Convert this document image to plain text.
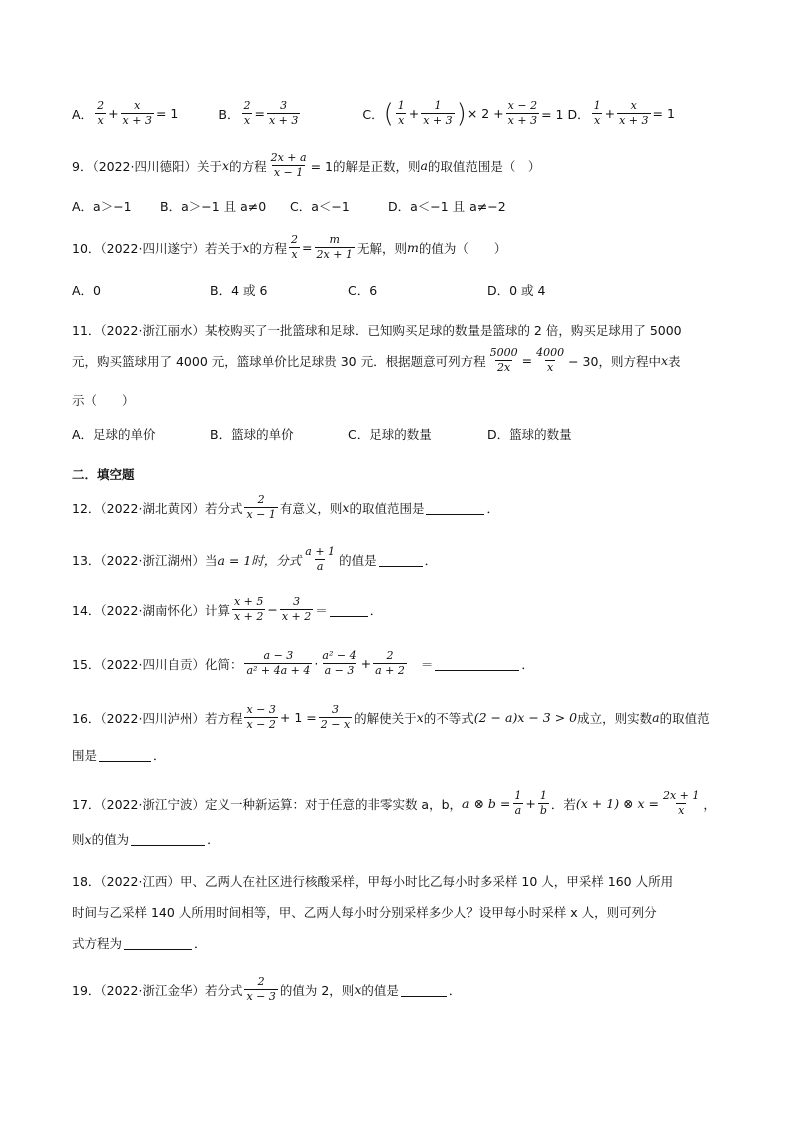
A． $\frac{2}{x} + \frac{x}{x + 3} = 1$	B． $\frac{2}{x} = \frac{3}{x + 3}$	C． ( $\frac{1}{x} + \frac{1}{x + 3}$ ) × $2 + \frac{x - 2}{x + 3} = 1$ D． $\frac{1}{x} + \frac{x}{x + 3} = 1$
9．（2022·四川德阳）关于 x 的方程 $\frac{2x + a}{x - 1} = 1$的解是正数，则 a 的取值范围是（　）
A．a＞−1 B．a＞−1 且 a≠0 C．a＜−1	D．a＜−1 且 a≠−2
10．（2022·四川遂宁）若关于 x 的方程 $\frac{2}{x} = \frac{m}{2x + 1}$ 无解，则 m 的值为（　　）
A．0	B．4 或 6	C．6	D．0 或 4
11．（2022·浙江丽水）某校购买了一批篮球和足球．已知购买足球的数量是篮球的 2 倍，购买足球用了 5000
元，购买篮球用了 4000 元，篮球单价比足球贵 30 元．根据题意可列方程 $\frac{5000}{2x} = \frac{4000}{x} - 30$，则方程中 x 表
示（　　）
A．足球的单价	B．篮球的单价	C．足球的数量	D．篮球的数量
二．填空题
12．（2022·湖北黄冈）若分式 $\frac{2}{x - 1}$ 有意义，则 x 的取值范围是	．
13．（2022·浙江湖州）当 a = 1时，分式 $\frac{a + 1}{a}$ 的值是	．
14．（2022·湖南怀化）计算 $\frac{x + 5}{x + 2} - \frac{3}{x + 2}$ ＝	．
15．（2022·四川自贡）化简： $\frac{a - 3}{\text{a² + 4a + 4}} \cdot \frac{\text{a² − 4}}{a - 3} + \frac{2}{a + 2}$ ＝	．
16．（2022·四川泸州）若方程 $\frac{x - 3}{x - 2} + 1 = \frac{3}{2 - x}$ 的解使关于 x 的不等式 (2 − a)x − 3 > 0 成立，则实数 a 的取值范
围是	．
17．（2022·浙江宁波）定义一种新运算：对于任意的非零实数 a，b， a ⊗ $b = \frac{1}{a} + \frac{1}{b}$ ．若 (x + 1) ⊗ $x = \frac{2x + 1}{x}$ ，
则 x 的值为	．
18．（2022·江西）甲、乙两人在社区进行核酸采样，甲每小时比乙每小时多采样 10 人，甲采样 160 人所用
时间与乙采样 140 人所用时间相等，甲、乙两人每小时分别采样多少人？设甲每小时采样 x 人，则可列分
式方程为	．
19．（2022·浙江金华）若分式 $\frac{2}{x - 3}$ 的值为 2，则 x 的值是	．
